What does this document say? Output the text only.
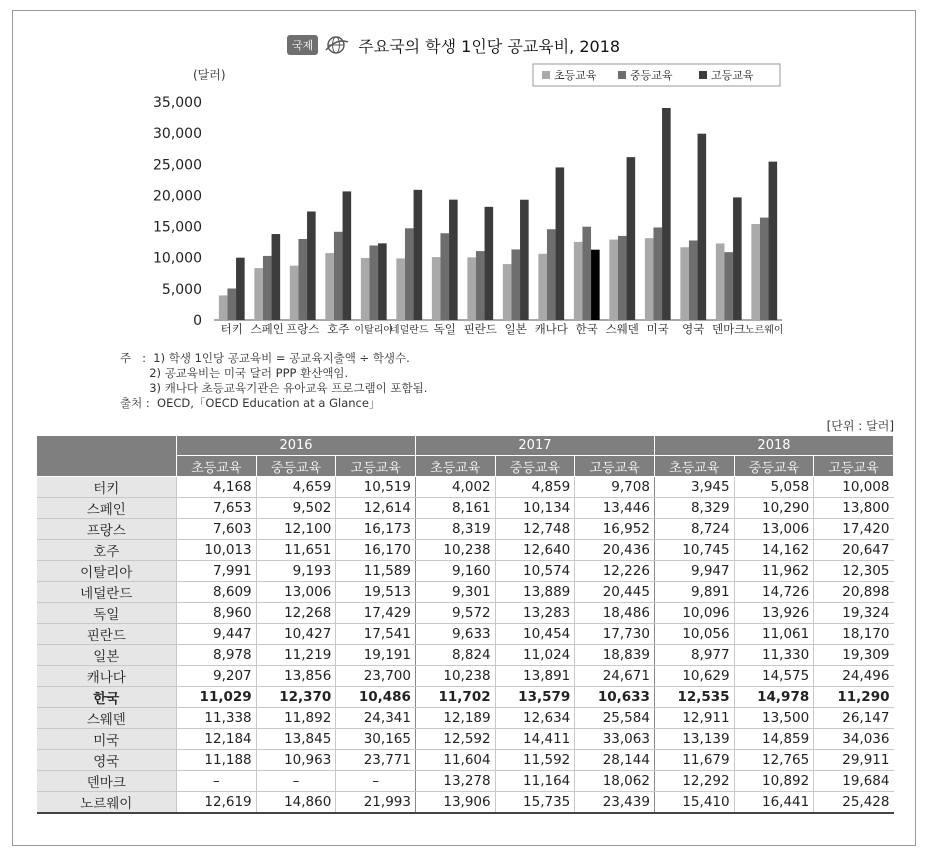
국제	주요국의 학생 1인당 공교육비, 2018
(달러)	초등교육	중등교육	고등교육
35,000
30,000
25,000
20,000
15,000
10,000
5,000
0 터키 스페인 프랑스 호주 이탈리아
네덜란드 독일 핀란드 일본 캐나다 한국 스웨덴 미국 영국 덴마크 노르웨이
주   :  1) 학생 1인당 공교육비 = 공교육지출액 ÷ 학생수.
2) 공교육비는 미국 달러 PPP 환산액임.
3) 캐나다 초등교육기관은 유아교육 프로그램이 포함됨.
출처 :  OECD,「OECD Education at a Glance」
[단위 : 달러]
	2016			2017			2018		
	초등교육	중등교육	고등교육	초등교육	중등교육	고등교육	초등교육	중등교육	고등교육
터키	4,168	4,659	10,519	4,002	4,859	9,708	3,945	5,058	10,008
스페인	7,653	9,502	12,614	8,161	10,134	13,446	8,329	10,290	13,800
프랑스	7,603	12,100	16,173	8,319	12,748	16,952	8,724	13,006	17,420
호주	10,013	11,651	16,170	10,238	12,640	20,436	10,745	14,162	20,647
이탈리아	7,991	9,193	11,589	9,160	10,574	12,226	9,947	11,962	12,305
네덜란드	8,609	13,006	19,513	9,301	13,889	20,445	9,891	14,726	20,898
독일	8,960	12,268	17,429	9,572	13,283	18,486	10,096	13,926	19,324
핀란드	9,447	10,427	17,541	9,633	10,454	17,730	10,056	11,061	18,170
일본	8,978	11,219	19,191	8,824	11,024	18,839	8,977	11,330	19,309
캐나다	9,207	13,856	23,700	10,238	13,891	24,671	10,629	14,575	24,496
한국	11,029	12,370	10,486	11,702	13,579	10,633	12,535	14,978	11,290
스웨덴	11,338	11,892	24,341	12,189	12,634	25,584	12,911	13,500	26,147
미국	12,184	13,845	30,165	12,592	14,411	33,063	13,139	14,859	34,036
영국	11,188	10,963	23,771	11,604	11,592	28,144	11,679	12,765	29,911
덴마크	–	–	–	13,278	11,164	18,062	12,292	10,892	19,684
노르웨이	12,619	14,860	21,993	13,906	15,735	23,439	15,410	16,441	25,428
